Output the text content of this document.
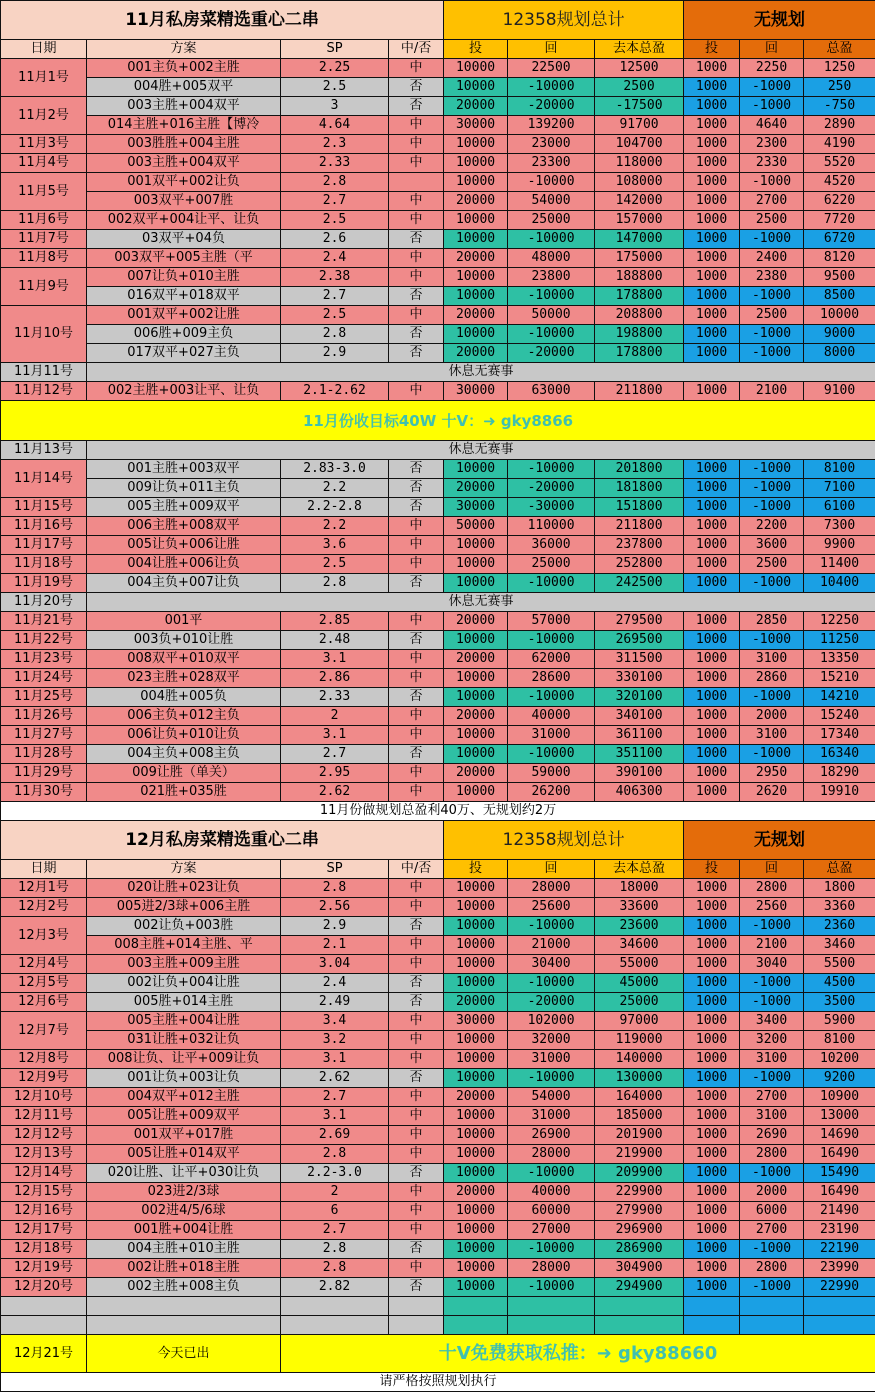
11月私房菜精选重心二串				12358规划总计			无规划		
日期	方案	SP	中/否	投	回	去本总盈	投	回	总盈
11月1号	001主负+002主胜	2.25	中	10000	22500	12500	1000	2250	1250
	004胜+005双平	2.5	否	10000	-10000	2500	1000	-1000	250
11月2号	003主胜+004双平	3	否	20000	-20000	-17500	1000	-1000	-750
	014主胜+016主胜【博冷	4.64	中	30000	139200	91700	1000	4640	2890
11月3号	003胜胜+004主胜	2.3	中	10000	23000	104700	1000	2300	4190
11月4号	003主胜+004双平	2.33	中	10000	23300	118000	1000	2330	5520
11月5号	001双平+002让负	2.8		10000	-10000	108000	1000	-1000	4520
	003双平+007胜	2.7	中	20000	54000	142000	1000	2700	6220
11月6号	002双平+004让平、让负	2.5	中	10000	25000	157000	1000	2500	7720
11月7号	03双平+04负	2.6	否	10000	-10000	147000	1000	-1000	6720
11月8号	003双平+005主胜（平	2.4	中	20000	48000	175000	1000	2400	8120
11月9号	007让负+010主胜	2.38	中	10000	23800	188800	1000	2380	9500
	016双平+018双平	2.7	否	10000	-10000	178800	1000	-1000	8500
11月10号	001双平+002让胜	2.5	中	20000	50000	208800	1000	2500	10000
	006胜+009主负	2.8	否	10000	-10000	198800	1000	-1000	9000
	017双平+027主负	2.9	否	20000	-20000	178800	1000	-1000	8000
11月11号	休息无赛事								
11月12号	002主胜+003让平、让负	2.1-2.62	中	30000	63000	211800	1000	2100	9100
11月份收目标40W 十V：➜ gky8866									
11月13号	休息无赛事								
11月14号	001主胜+003双平	2.83-3.0	否	10000	-10000	201800	1000	-1000	8100
	009让负+011主负	2.2	否	20000	-20000	181800	1000	-1000	7100
11月15号	005主胜+009双平	2.2-2.8	否	30000	-30000	151800	1000	-1000	6100
11月16号	006主胜+008双平	2.2	中	50000	110000	211800	1000	2200	7300
11月17号	005让负+006让胜	3.6	中	10000	36000	237800	1000	3600	9900
11月18号	004让胜+006让负	2.5	中	10000	25000	252800	1000	2500	11400
11月19号	004主负+007让负	2.8	否	10000	-10000	242500	1000	-1000	10400
11月20号	休息无赛事								
11月21号	001平	2.85	中	20000	57000	279500	1000	2850	12250
11月22号	003负+010让胜	2.48	否	10000	-10000	269500	1000	-1000	11250
11月23号	008双平+010双平	3.1	中	20000	62000	311500	1000	3100	13350
11月24号	023主胜+028双平	2.86	中	10000	28600	330100	1000	2860	15210
11月25号	004胜+005负	2.33	否	10000	-10000	320100	1000	-1000	14210
11月26号	006主负+012主负	2	中	20000	40000	340100	1000	2000	15240
11月27号	006让负+010让负	3.1	中	10000	31000	361100	1000	3100	17340
11月28号	004主负+008主负	2.7	否	10000	-10000	351100	1000	-1000	16340
11月29号	009让胜（单关）	2.95	中	20000	59000	390100	1000	2950	18290
11月30号	021胜+035胜	2.62	中	10000	26200	406300	1000	2620	19910
11月份做规划总盈利40万、无规划约2万									
12月私房菜精选重心二串				12358规划总计			无规划		
日期	方案	SP	中/否	投	回	去本总盈	投	回	总盈
12月1号	020让胜+023让负	2.8	中	10000	28000	18000	1000	2800	1800
12月2号	005进2/3球+006主胜	2.56	中	10000	25600	33600	1000	2560	3360
12月3号	002让负+003胜	2.9	否	10000	-10000	23600	1000	-1000	2360
	008主胜+014主胜、平	2.1	中	10000	21000	34600	1000	2100	3460
12月4号	003主胜+009主胜	3.04	中	10000	30400	55000	1000	3040	5500
12月5号	002让负+004让胜	2.4	否	10000	-10000	45000	1000	-1000	4500
12月6号	005胜+014主胜	2.49	否	20000	-20000	25000	1000	-1000	3500
12月7号	005主胜+004让胜	3.4	中	30000	102000	97000	1000	3400	5900
	031让胜+032让负	3.2	中	10000	32000	119000	1000	3200	8100
12月8号	008让负、让平+009让负	3.1	中	10000	31000	140000	1000	3100	10200
12月9号	001让负+003让负	2.62	否	10000	-10000	130000	1000	-1000	9200
12月10号	004双平+012主胜	2.7	中	20000	54000	164000	1000	2700	10900
12月11号	005让胜+009双平	3.1	中	10000	31000	185000	1000	3100	13000
12月12号	001双平+017胜	2.69	中	10000	26900	201900	1000	2690	14690
12月13号	005让胜+014双平	2.8	中	10000	28000	219900	1000	2800	16490
12月14号	020让胜、让平+030让负	2.2-3.0	否	10000	-10000	209900	1000	-1000	15490
12月15号	023进2/3球	2	中	20000	40000	229900	1000	2000	16490
12月16号	002进4/5/6球	6	中	10000	60000	279900	1000	6000	21490
12月17号	001胜+004让胜	2.7	中	10000	27000	296900	1000	2700	23190
12月18号	004主胜+010主胜	2.8	否	10000	-10000	286900	1000	-1000	22190
12月19号	002让胜+018主胜	2.8	中	10000	28000	304900	1000	2800	23990
12月20号	002主胜+008主负	2.82	否	10000	-10000	294900	1000	-1000	22990

12月21号	今天已出	十V免费获取私推：➜ gky88660							
请严格按照规划执行									
